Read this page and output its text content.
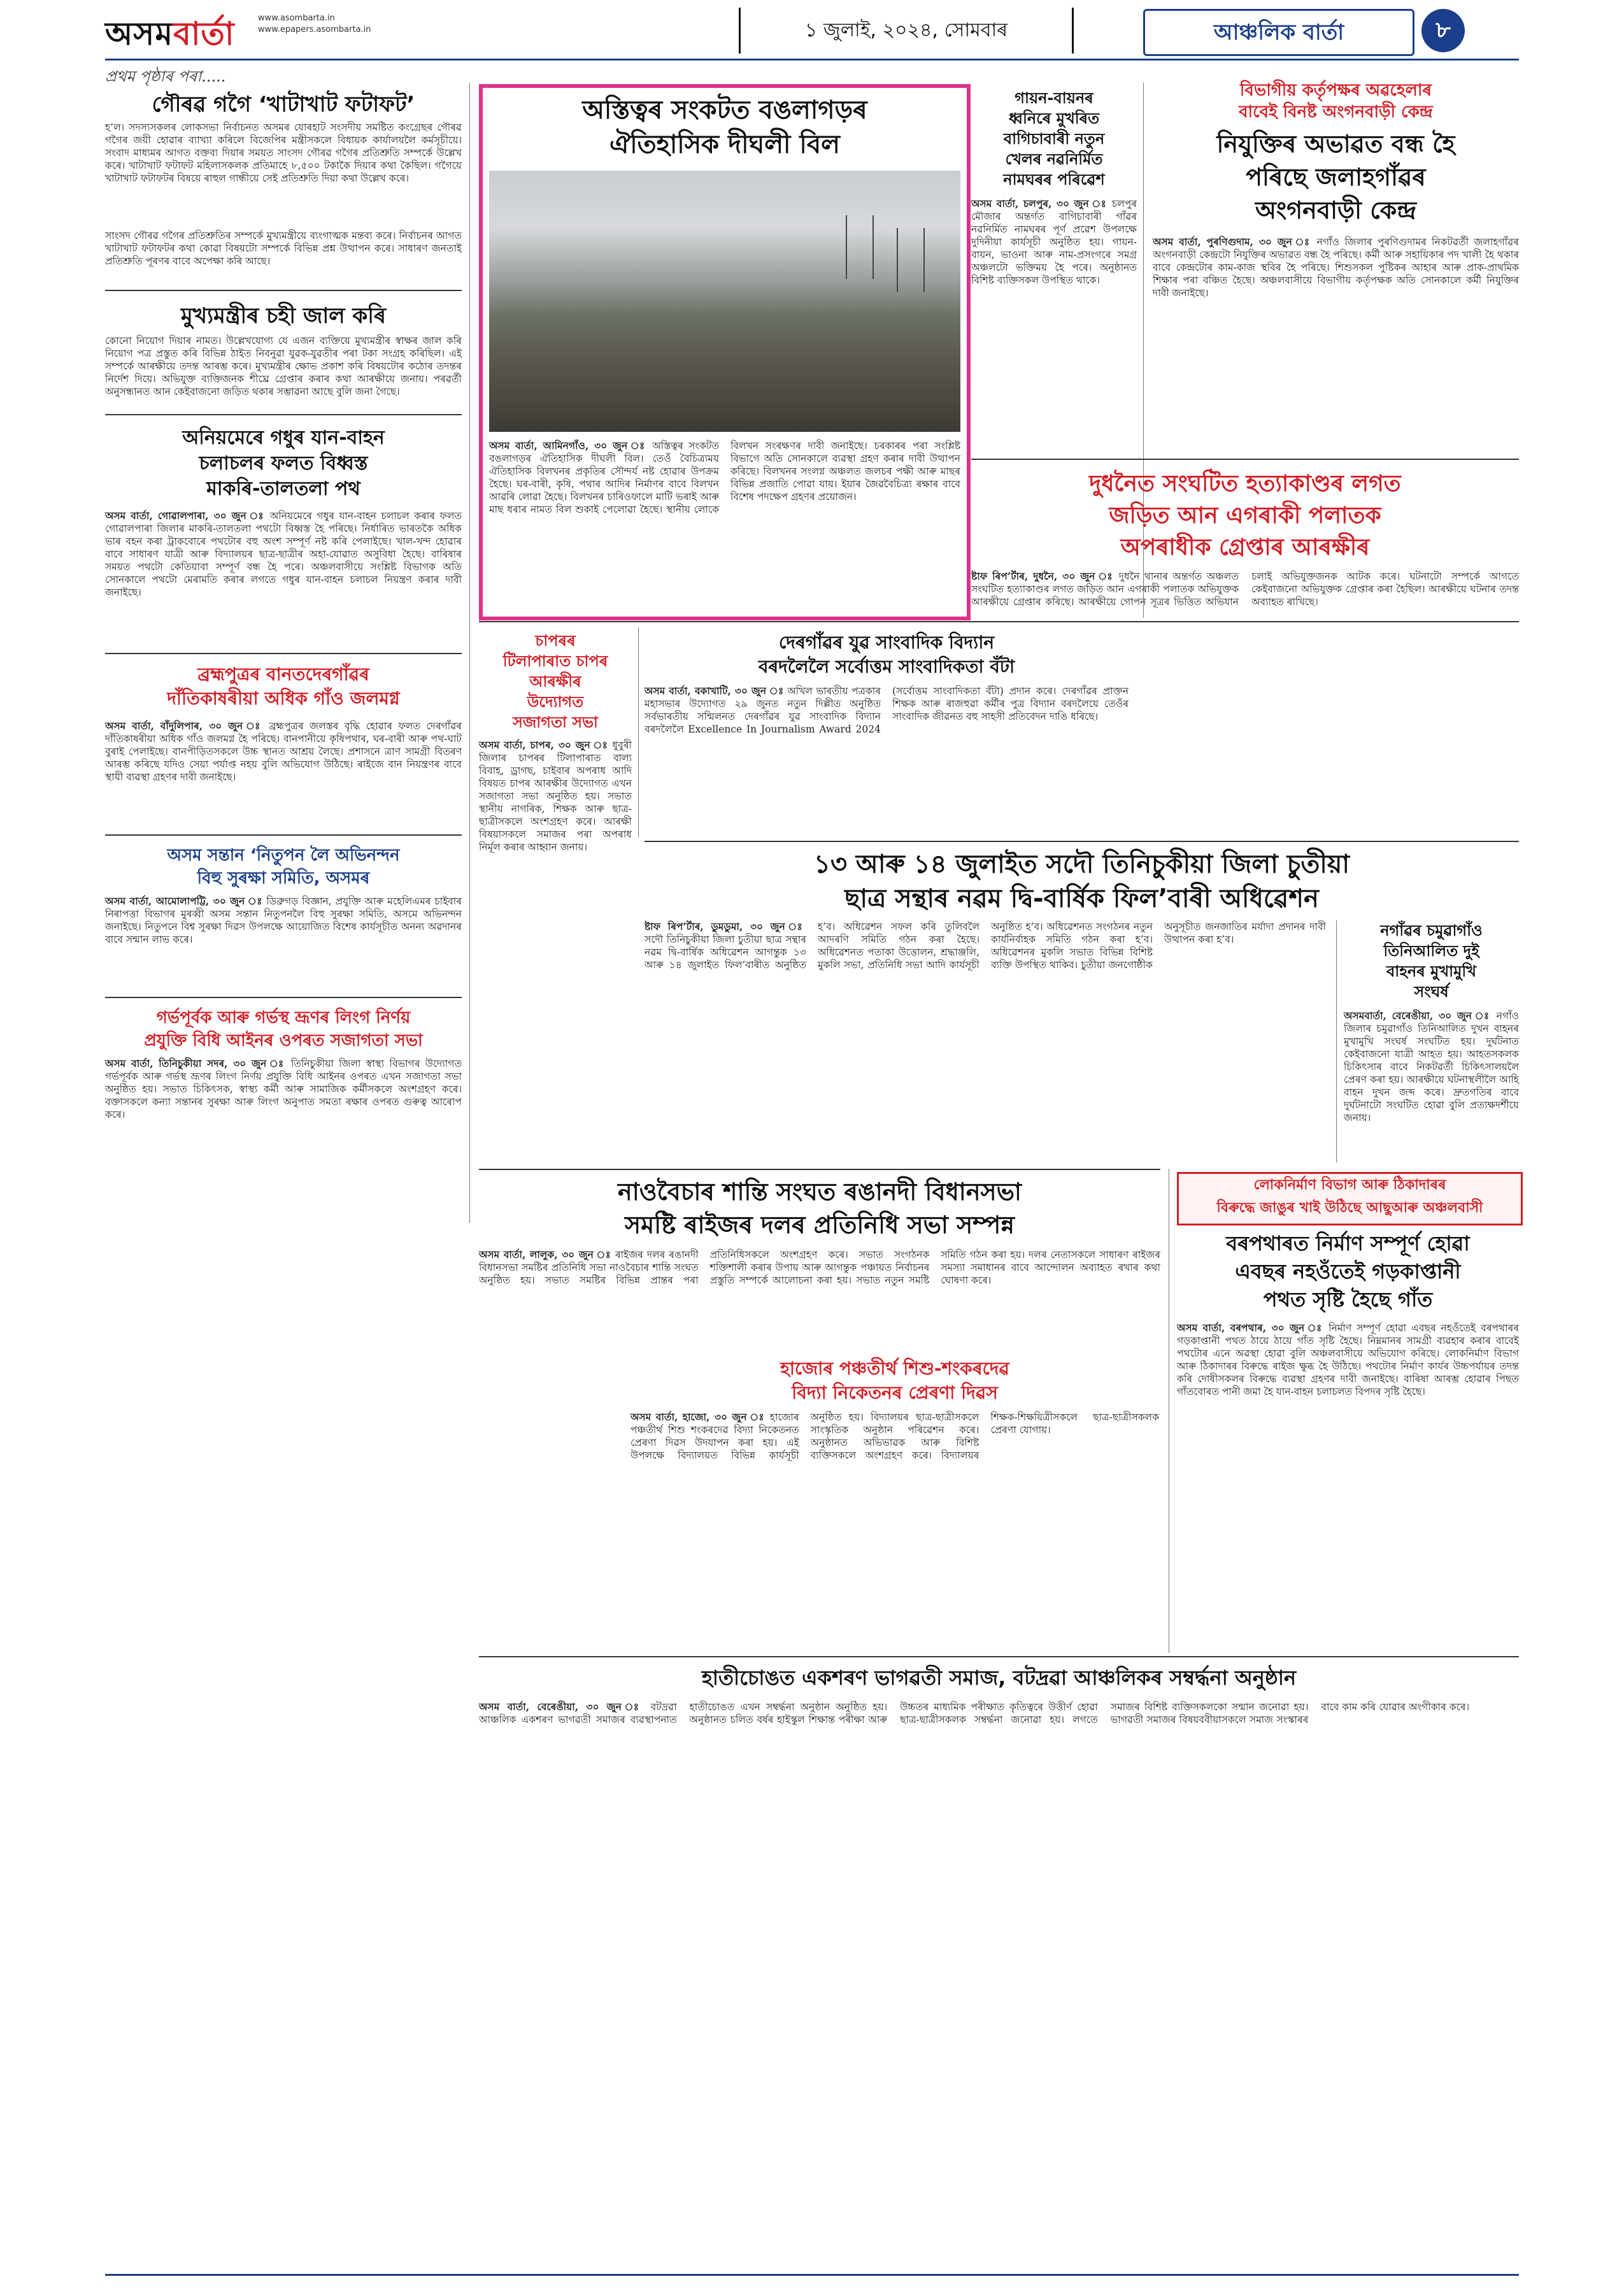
অসমবাৰ্তা	www.asombarta.in
www.epapers.asombarta.in	১ জুলাই, ২০২৪, সোমবাৰ	আঞ্চলিক বাৰ্তা	৮
প্ৰথম পৃষ্ঠাৰ পৰা.....
গৌৰৱ গগৈ ‘খাটাখাট ফটাফট’
হ’ল। সদস্যসকলৰ লোকসভা নিৰ্বাচনত অসমৰ যোৰহাট সংসদীয় সমষ্টিত কংগ্ৰেছৰ গৌৰৱ গগৈৰ জয়ী হোৱাৰ ব্যাখ্যা কৰিলে বিজেপিৰ মন্ত্ৰীসকলে বিধায়ক কাৰ্যালয়লৈ কৰ্মসূচীয়ে। সংবাদ মাধ্যমৰ আগত বক্তব্য দিয়াৰ সময়ত সাংসদ গৌৰৱ গগৈৰ প্ৰতিশ্ৰুতি সম্পৰ্কে উল্লেখ কৰে। খাটাখাট ফটাফট মহিলাসকলক প্ৰতিমাহে ৮,৫০০ টকাকৈ দিয়াৰ কথা কৈছিল। গগৈয়ে খাটাখাট ফটাফটৰ বিষয়ে ৰাহুল গান্ধীয়ে সেই প্ৰতিশ্ৰুতি দিয়া কথা উল্লেখ কৰে।
সাংসদ গৌৰৱ গগৈৰ প্ৰতিশ্ৰুতিৰ সম্পৰ্কে মুখ্যমন্ত্ৰীয়ে ব্যংগাত্মক মন্তব্য কৰে। নিৰ্বাচনৰ আগত খাটাখাট ফটাফটৰ কথা কোৱা বিষয়টো সম্পৰ্কে বিভিন্ন প্ৰশ্ন উত্থাপন কৰে। সাধাৰণ জনতাই প্ৰতিশ্ৰুতি পূৰণৰ বাবে অপেক্ষা কৰি আছে।
মুখ্যমন্ত্ৰীৰ চহী জাল কৰি
কোনো নিয়োগ দিয়াৰ নামত। উল্লেখযোগ্য যে এজন ব্যক্তিয়ে মুখ্যমন্ত্ৰীৰ স্বাক্ষৰ জাল কৰি নিয়োগ পত্ৰ প্ৰস্তুত কৰি বিভিন্ন ঠাইত নিবনুৱা যুৱক-যুৱতীৰ পৰা টকা সংগ্ৰহ কৰিছিল। এই সম্পৰ্কে আৰক্ষীয়ে তদন্ত আৰম্ভ কৰে। মুখ্যমন্ত্ৰীৰ ক্ষোভ প্ৰকাশ কৰি বিষয়টোৰ কঠোৰ তদন্তৰ নিৰ্দেশ দিয়ে। অভিযুক্ত ব্যক্তিজনক শীঘ্ৰে গ্ৰেপ্তাৰ কৰাৰ কথা আৰক্ষীয়ে জনায়। পৰৱৰ্তী অনুসন্ধানত আন কেইবাজনো জড়িত থকাৰ সম্ভাৱনা আছে বুলি জনা গৈছে।
অনিয়মেৰে গধুৰ যান-বাহন
চলাচলৰ ফলত বিধ্বস্ত
মাকৰি-তালতলা পথ
অসম বাৰ্তা, গোৱালপাৰা, ৩০ জুন ঃ অনিয়মেৰে গধুৰ যান-বাহন চলাচল কৰাৰ ফলত গোৱালপাৰা জিলাৰ মাকৰি-তালতলা পথটো বিধ্বস্ত হৈ পৰিছে। নিৰ্ধাৰিত ভাৰতকৈ অধিক ভাৰ বহন কৰা ট্ৰাকবোৰে পথটোৰ বহু অংশ সম্পূৰ্ণ নষ্ট কৰি পেলাইছে। খাল-খন্দ হোৱাৰ বাবে সাধাৰণ যাত্ৰী আৰু বিদ্যালয়ৰ ছাত্ৰ-ছাত্ৰীৰ অহা-যোৱাত অসুবিধা হৈছে। বাৰিষাৰ সময়ত পথটো কেতিয়াবা সম্পূৰ্ণ বন্ধ হৈ পৰে। অঞ্চলবাসীয়ে সংশ্লিষ্ট বিভাগক অতি সোনকালে পথটো মেৰামতি কৰাৰ লগতে গধুৰ যান-বাহন চলাচল নিয়ন্ত্ৰণ কৰাৰ দাবী জনাইছে।
ব্ৰহ্মপুত্ৰৰ বানতদেৰগাঁৱৰ
দাঁতিকাষৰীয়া অধিক গাঁও জলমগ্ন
অসম বাৰ্তা, বাঁদুলিপাৰ, ৩০ জুন ঃ ব্ৰহ্মপুত্ৰৰ জলস্তৰ বৃদ্ধি হোৱাৰ ফলত দেৰগাঁৱৰ দাঁতিকাষৰীয়া অধিক গাঁও জলমগ্ন হৈ পৰিছে। বানপানীয়ে কৃষিপথাৰ, ঘৰ-বাৰী আৰু পথ-ঘাট বুৰাই পেলাইছে। বানপীড়িতসকলে উচ্চ স্থানত আশ্ৰয় লৈছে। প্ৰশাসনে ত্ৰাণ সামগ্ৰী বিতৰণ আৰম্ভ কৰিছে যদিও সেয়া পৰ্যাপ্ত নহয় বুলি অভিযোগ উঠিছে। ৰাইজে বান নিয়ন্ত্ৰণৰ বাবে স্থায়ী ব্যৱস্থা গ্ৰহণৰ দাবী জনাইছে।
অসম সন্তান ‘নিতুপন লৈ অভিনন্দন
বিহু সুৰক্ষা সমিতি, অসমৰ
অসম বাৰ্তা, আমোলাপট্টি, ৩০ জুন ঃ ডিব্ৰুগড় বিজ্ঞান, প্ৰযুক্তি আৰু মহেলিএমৰ চাইবাৰ নিৰাপত্তা বিভাগৰ মুৰব্বী অসম সন্তান নিতুপনলৈ বিহু সুৰক্ষা সমিতি, অসমে অভিনন্দন জনাইছে। নিতুপনে বিশ্ব সুৰক্ষা দিৱস উপলক্ষে আয়োজিত বিশেষ কাৰ্যসূচীত অনন্য অৱদানৰ বাবে সন্মান লাভ কৰে।
গৰ্ভপূৰ্বক আৰু গৰ্ভস্থ ভ্ৰূণৰ লিংগ নিৰ্ণয়
প্ৰযুক্তি বিধি আইনৰ ওপৰত সজাগতা সভা
অসম বাৰ্তা, তিনিচুকীয়া সদৰ, ৩০ জুন ঃ তিনিচুকীয়া জিলা স্বাস্থ্য বিভাগৰ উদ্যোগত গৰ্ভপূৰ্বক আৰু গৰ্ভস্থ ভ্ৰূণৰ লিংগ নিৰ্ণয় প্ৰযুক্তি বিধি আইনৰ ওপৰত এখন সজাগতা সভা অনুষ্ঠিত হয়। সভাত চিকিৎসক, স্বাস্থ্য কৰ্মী আৰু সামাজিক কৰ্মীসকলে অংশগ্ৰহণ কৰে। বক্তাসকলে কন্যা সন্তানৰ সুৰক্ষা আৰু লিংগ অনুপাত সমতা ৰক্ষাৰ ওপৰত গুৰুত্ব আৰোপ কৰে।
অস্তিত্বৰ সংকটত বঙলাগড়ৰ
ঐতিহাসিক দীঘলী বিল
অসম বাৰ্তা, আমিনগাঁও, ৩০ জুন ঃ অস্তিত্বৰ সংকটত বঙলাগড়ৰ ঐতিহাসিক দীঘলী বিল। তেওঁ বৈচিত্ৰ্যময় ঐতিহাসিক বিলখনৰ প্ৰকৃতিৰ সৌন্দৰ্য নষ্ট হোৱাৰ উপক্ৰম হৈছে। ঘৰ-বাৰী, কৃষি, পথাৰ আদিৰ নিৰ্মাণৰ বাবে বিলখন আৱৰি লোৱা হৈছে। বিলখনৰ চাৰিওফালে মাটি ভৰাই আৰু মাছ ধৰাৰ নামত বিল শুকাই পেলোৱা হৈছে। স্থানীয় লোকে বিলখন সংৰক্ষণৰ দাবী জনাইছে। চৰকাৰৰ পৰা সংশ্লিষ্ট বিভাগে অতি সোনকালে ব্যৱস্থা গ্ৰহণ কৰাৰ দাবী উত্থাপন কৰিছে। বিলখনৰ সংলগ্ন অঞ্চলত জলচৰ পক্ষী আৰু মাছৰ বিভিন্ন প্ৰজাতি পোৱা যায়। ইয়াৰ জৈৱবৈচিত্ৰ্য ৰক্ষাৰ বাবে বিশেষ পদক্ষেপ গ্ৰহণৰ প্ৰয়োজন।
গায়ন-বায়নৰ
ধ্বনিৰে মুখৰিত
বাগিচাবাৰী নতুন
খেলৰ নৱনিৰ্মিত
নামঘৰৰ পৰিৱেশ
অসম বাৰ্তা, চলপুৰ, ৩০ জুন ঃ চলপুৰ মৌজাৰ অন্তৰ্গত বাগিচাবাৰী গাঁৱৰ নৱনিৰ্মিত নামঘৰৰ পূৰ্ণ প্ৰৱেশ উপলক্ষে দুদিনীয়া কাৰ্যসূচী অনুষ্ঠিত হয়। গায়ন-বায়ন, ভাওনা আৰু নাম-প্ৰসংগৰে সমগ্ৰ অঞ্চলটো ভক্তিময় হৈ পৰে। অনুষ্ঠানত বিশিষ্ট ব্যক্তিসকল উপস্থিত থাকে।
বিভাগীয় কৰ্তৃপক্ষৰ অৱহেলাৰ
বাবেই বিনষ্ট অংগনবাড়ী কেন্দ্ৰ
নিযুক্তিৰ অভাৱত বন্ধ হৈ
পৰিছে জলাহগাঁৱৰ
অংগনবাড়ী কেন্দ্ৰ
অসম বাৰ্তা, পুৰণিগুদাম, ৩০ জুন ঃ নগাঁও জিলাৰ পুৰণিগুদামৰ নিকটৱৰ্তী জলাহগাঁৱৰ অংগনবাড়ী কেন্দ্ৰটো নিযুক্তিৰ অভাৱত বন্ধ হৈ পৰিছে। কৰ্মী আৰু সহায়িকাৰ পদ খালী হৈ থকাৰ বাবে কেন্দ্ৰটোৰ কাম-কাজ স্থবিৰ হৈ পৰিছে। শিশুসকল পুষ্টিকৰ আহাৰ আৰু প্ৰাক-প্ৰাথমিক শিক্ষাৰ পৰা বঞ্চিত হৈছে। অঞ্চলবাসীয়ে বিভাগীয় কৰ্তৃপক্ষক অতি সোনকালে কৰ্মী নিযুক্তিৰ দাবী জনাইছে।
দুধনৈত সংঘটিত হত্যাকাণ্ডৰ লগত
জড়িত আন এগৰাকী পলাতক
অপৰাধীক গ্ৰেপ্তাৰ আৰক্ষীৰ
ষ্টাফ ৰিপ’ৰ্টাৰ, দুধনৈ, ৩০ জুন ঃ দুধনৈ থানাৰ অন্তৰ্গত অঞ্চলত সংঘটিত হত্যাকাণ্ডৰ লগত জড়িত আন এগৰাকী পলাতক অভিযুক্তক আৰক্ষীয়ে গ্ৰেপ্তাৰ কৰিছে। আৰক্ষীয়ে গোপন সূত্ৰৰ ভিত্তিত অভিযান চলাই অভিযুক্তজনক আটক কৰে। ঘটনাটো সম্পৰ্কে আগতে কেইবাজনো অভিযুক্তক গ্ৰেপ্তাৰ কৰা হৈছিল। আৰক্ষীয়ে ঘটনাৰ তদন্ত অব্যাহত ৰাখিছে।
চাপৰৰ
টিলাপাৰাত চাপৰ
আৰক্ষীৰ
উদ্যোগত
সজাগতা সভা
অসম বাৰ্তা, চাপৰ, ৩০ জুন ঃ ধুবুৰী জিলাৰ চাপৰৰ টিলাপাৰাত বাল্য বিবাহ, ড্ৰাগছ, চাইবাৰ অপৰাধ আদি বিষয়ত চাপৰ আৰক্ষীৰ উদ্যোগত এখন সজাগতা সভা অনুষ্ঠিত হয়। সভাত স্থানীয় নাগৰিক, শিক্ষক আৰু ছাত্ৰ-ছাত্ৰীসকলে অংশগ্ৰহণ কৰে। আৰক্ষী বিষয়াসকলে সমাজৰ পৰা অপৰাধ নিৰ্মূল কৰাৰ আহ্বান জনায়।
দেৰগাঁৱৰ যুৱ সাংবাদিক বিদ্যান
বৰদলৈলৈ সৰ্বোত্তম সাংবাদিকতা বঁটা
অসম বাৰ্তা, বকাখাটি, ৩০ জুন ঃ অখিল ভাৰতীয় পত্ৰকাৰ মহাসভাৰ উদ্যোগত ২৯ জুনত নতুন দিল্লীত অনুষ্ঠিত সৰ্বভাৰতীয় সন্মিলনত দেৰগাঁৱৰ যুৱ সাংবাদিক বিদ্যান বৰদলৈলৈ Excellence In Journalism Award 2024 (সৰ্বোত্তম সাংবাদিকতা বঁটা) প্ৰদান কৰে। দেৰগাঁৱৰ প্ৰাক্তন শিক্ষক আৰু ৰাজহুৱা কৰ্মীৰ পুত্ৰ বিদ্যান বৰদলৈয়ে তেওঁৰ সাংবাদিক জীৱনত বহু সাহসী প্ৰতিবেদন দাঙি ধৰিছে।
১৩ আৰু ১৪ জুলাইত সদৌ তিনিচুকীয়া জিলা চুতীয়া
ছাত্ৰ সন্থাৰ নৱম দ্বি-বাৰ্ষিক ফিল’বাৰী অধিৱেশন
ষ্টাফ ৰিপ’ৰ্টাৰ, ডুমডুমা, ৩০ জুন ঃ সদৌ তিনিচুকীয়া জিলা চুতীয়া ছাত্ৰ সন্থাৰ নৱম দ্বি-বাৰ্ষিক অধিৱেশন আগন্তুক ১৩ আৰু ১৪ জুলাইত ফিল’বাৰীত অনুষ্ঠিত হ’ব। অধিৱেশন সফল কৰি তুলিবলৈ আদৰণি সমিতি গঠন কৰা হৈছে। অধিৱেশনত পতাকা উত্তোলন, শ্ৰদ্ধাঞ্জলি, মুকলি সভা, প্ৰতিনিধি সভা আদি কাৰ্যসূচী অনুষ্ঠিত হ’ব। অধিৱেশনত সংগঠনৰ নতুন কাৰ্যনিৰ্বাহক সমিতি গঠন কৰা হ’ব। অধিৱেশনৰ মুকলি সভাত বিভিন্ন বিশিষ্ট ব্যক্তি উপস্থিত থাকিব। চুতীয়া জনগোষ্ঠীক অনুসূচীত জনজাতিৰ মৰ্যাদা প্ৰদানৰ দাবী উত্থাপন কৰা হ’ব।	নগাঁৱৰ চমুৱাগাঁও
তিনিআলিত দুই
বাহনৰ মুখামুখি
সংঘৰ্ষ
অসমবাৰ্তা, বেৰেঙীয়া, ৩০ জুন ঃ নগাঁও জিলাৰ চমুৱাগাঁও তিনিআলিত দুখন বাহনৰ মুখামুখি সংঘৰ্ষ সংঘটিত হয়। দুৰ্ঘটনাত কেইবাজনো যাত্ৰী আহত হয়। আহতসকলক চিকিৎসাৰ বাবে নিকটৱৰ্তী চিকিৎসালয়লৈ প্ৰেৰণ কৰা হয়। আৰক্ষীয়ে ঘটনাস্থলীলৈ আহি বাহন দুখন জব্দ কৰে। দ্ৰুতগতিৰ বাবে দুৰ্ঘটনাটো সংঘটিত হোৱা বুলি প্ৰত্যক্ষদৰ্শীয়ে জনায়।
নাওবৈচাৰ শান্তি সংঘত ৰঙানদী বিধানসভা
সমষ্টি ৰাইজৰ দলৰ প্ৰতিনিধি সভা সম্পন্ন
অসম বাৰ্তা, লালুক, ৩০ জুন ঃ ৰাইজৰ দলৰ ৰঙানদী বিধানসভা সমষ্টিৰ প্ৰতিনিধি সভা নাওবৈচাৰ শান্তি সংঘত অনুষ্ঠিত হয়। সভাত সমষ্টিৰ বিভিন্ন প্ৰান্তৰ পৰা প্ৰতিনিধিসকলে অংশগ্ৰহণ কৰে। সভাত সংগঠনক শক্তিশালী কৰাৰ উপায় আৰু আগন্তুক পঞ্চায়ত নিৰ্বাচনৰ প্ৰস্তুতি সম্পৰ্কে আলোচনা কৰা হয়। সভাত নতুন সমষ্টি সমিতি গঠন কৰা হয়। দলৰ নেতাসকলে সাধাৰণ ৰাইজৰ সমস্যা সমাধানৰ বাবে আন্দোলন অব্যাহত ৰখাৰ কথা ঘোষণা কৰে।
হাজোৰ পঞ্চতীৰ্থ শিশু-শংকৰদেৱ
বিদ্যা নিকেতনৰ প্ৰেৰণা দিৱস
অসম বাৰ্তা, হাজো, ৩০ জুন ঃ হাজোৰ পঞ্চতীৰ্থ শিশু শংকৰদেৱ বিদ্যা নিকেতনত প্ৰেৰণা দিৱস উদযাপন কৰা হয়। এই উপলক্ষে বিদ্যালয়ত বিভিন্ন কাৰ্যসূচী অনুষ্ঠিত হয়। বিদ্যালয়ৰ ছাত্ৰ-ছাত্ৰীসকলে সাংস্কৃতিক অনুষ্ঠান পৰিৱেশন কৰে। অনুষ্ঠানত অভিভাৱক আৰু বিশিষ্ট ব্যক্তিসকলে অংশগ্ৰহণ কৰে। বিদ্যালয়ৰ শিক্ষক-শিক্ষয়িত্ৰীসকলে ছাত্ৰ-ছাত্ৰীসকলক প্ৰেৰণা যোগায়।
লোকনিৰ্মাণ বিভাগ আৰু ঠিকাদাৰৰ
বিৰুদ্ধে জাঙুৰ খাই উঠিছে আছুআৰু অঞ্চলবাসী
বৰপথাৰত নিৰ্মাণ সম্পূৰ্ণ হোৱা
এবছৰ নহওঁতেই গড়কাপ্তানী
পথত সৃষ্টি হৈছে গাঁত
অসম বাৰ্তা, বৰপথাৰ, ৩০ জুন ঃ নিৰ্মাণ সম্পূৰ্ণ হোৱা এবছৰ নহওঁতেই বৰপথাৰৰ গড়কাপ্তানী পথত ঠায়ে ঠায়ে গাঁত সৃষ্টি হৈছে। নিম্নমানৰ সামগ্ৰী ব্যৱহাৰ কৰাৰ বাবেই পথটোৰ এনে অৱস্থা হোৱা বুলি অঞ্চলবাসীয়ে অভিযোগ কৰিছে। লোকনিৰ্মাণ বিভাগ আৰু ঠিকাদাৰৰ বিৰুদ্ধে ৰাইজ ক্ষুব্ধ হৈ উঠিছে। পথটোৰ নিৰ্মাণ কাৰ্যৰ উচ্চপৰ্যায়ৰ তদন্ত কৰি দোষীসকলৰ বিৰুদ্ধে ব্যৱস্থা গ্ৰহণৰ দাবী জনাইছে। বাৰিষা আৰম্ভ হোৱাৰ পিছত গাঁতবোৰত পানী জমা হৈ যান-বাহন চলাচলত বিপদৰ সৃষ্টি হৈছে।
হাতীচোঙত একশৰণ ভাগৱতী সমাজ, বটদ্ৰৱা আঞ্চলিকৰ সম্বৰ্দ্ধনা অনুষ্ঠান
অসম বাৰ্তা, বেৰেঙীয়া, ৩০ জুন ঃ বটদ্ৰৱা আঞ্চলিক একশৰণ ভাগৱতী সমাজৰ ব্যৱস্থাপনাত হাতীচোঙত এখন সম্বৰ্দ্ধনা অনুষ্ঠান অনুষ্ঠিত হয়। অনুষ্ঠানত চলিত বৰ্ষৰ হাইস্কুল শিক্ষান্ত পৰীক্ষা আৰু উচ্চতৰ মাধ্যমিক পৰীক্ষাত কৃতিত্বৰে উত্তীৰ্ণ হোৱা ছাত্ৰ-ছাত্ৰীসকলক সম্বৰ্দ্ধনা জনোৱা হয়। লগতে সমাজৰ বিশিষ্ট ব্যক্তিসকলকো সন্মান জনোৱা হয়। ভাগৱতী সমাজৰ বিষয়ববীয়াসকলে সমাজ সংস্কাৰৰ বাবে কাম কৰি যোৱাৰ অংগীকাৰ কৰে।
